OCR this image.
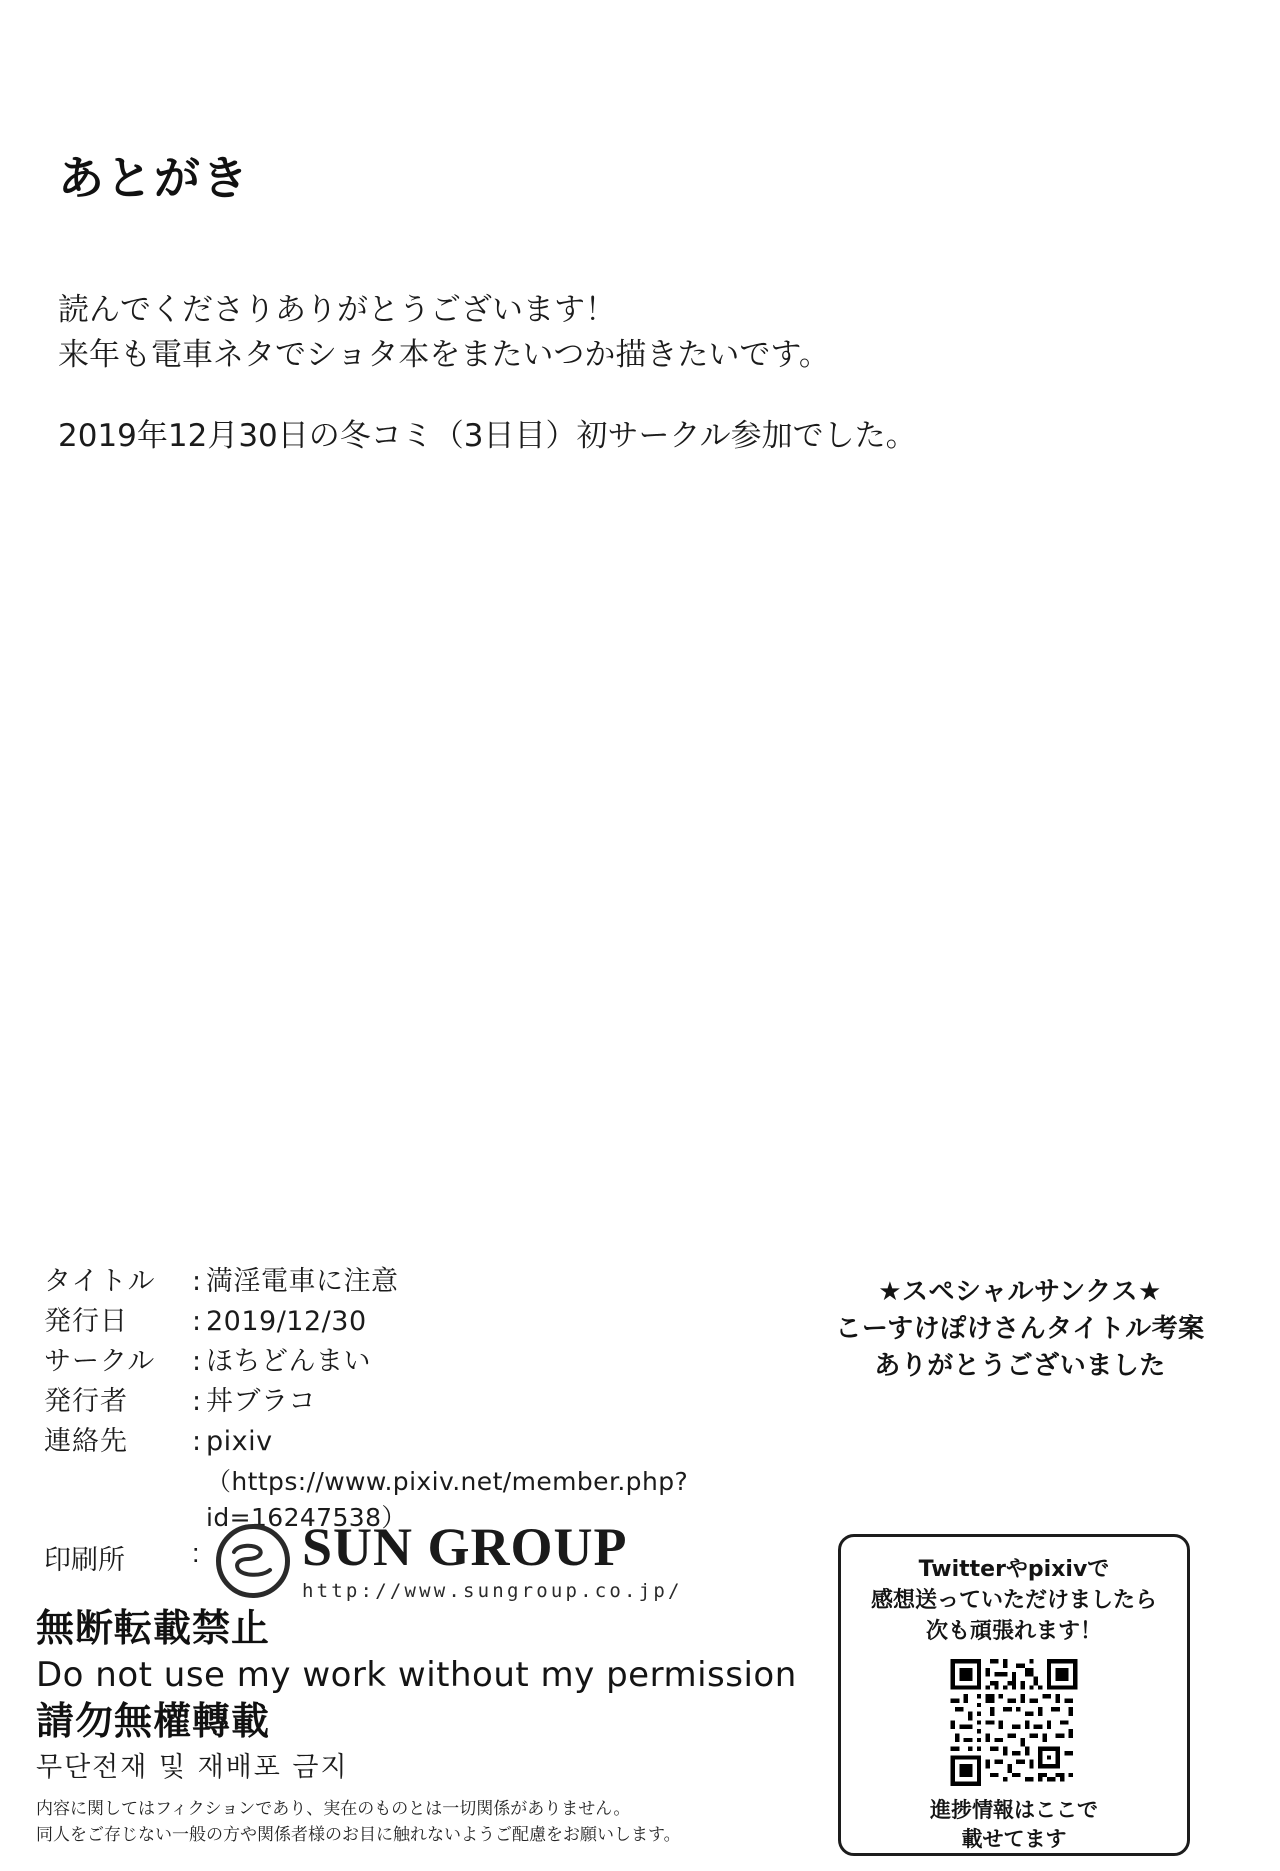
あとがき
読んでくださりありがとうございます！
来年も電車ネタでショタ本をまたいつか描きたいです。
2019年12月30日の冬コミ（3日目）初サークル参加でした。
タイトル	: 満淫電車に注意
発行日	: 2019/12/30
サークル	: ほちどんまい
発行者	: 丼ブラコ
連絡先	: pixiv
（https://www.pixiv.net/member.php?id=16247538）
印刷所	: SUN GROUP
http://www.sungroup.co.jp/
無断転載禁止
Do not use my work without my permission
請勿無權轉載
무단전재 및 재배포 금지
内容に関してはフィクションであり、実在のものとは一切関係がありません。
同人をご存じない一般の方や関係者様のお目に触れないようご配慮をお願いします。
★スペシャルサンクス★
こーすけぽけさんタイトル考案
ありがとうございました
Twitterやpixivで
感想送っていただけましたら
次も頑張れます！
進捗情報はここで
載せてます
